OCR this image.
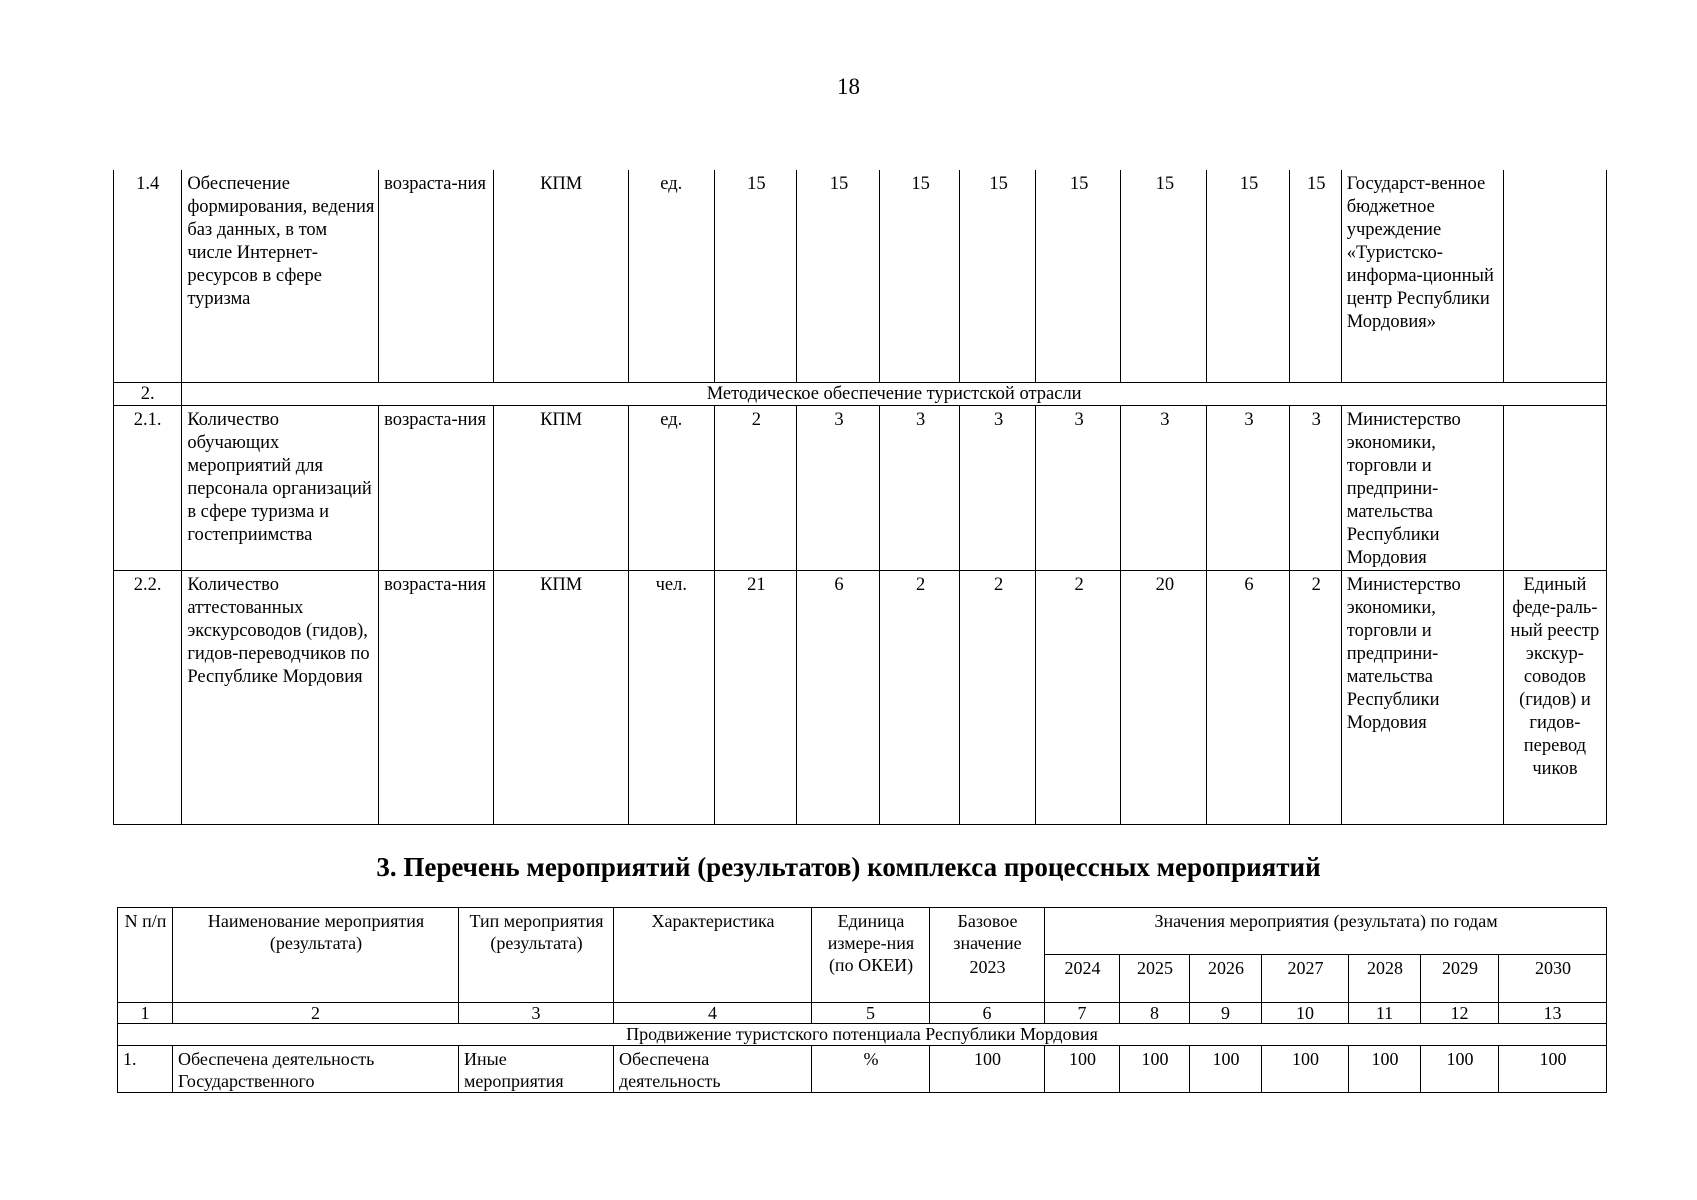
18
1.4	Обеспечение формирования, ведения баз данных, в том числе Интернет-ресурсов в сфере туризма	возраста-ния	КПМ	ед.	15	15	15	15	15	15	15	15	Государст-венное бюджетное учреждение «Туристско-информа-ционный центр Республики Мордовия»	
2.	Методическое обеспечение туристской отрасли													
2.1.	Количество обучающих мероприятий для персонала организаций в сфере туризма и гостеприимства	возраста-ния	КПМ	ед.	2	3	3	3	3	3	3	3	Министерство экономики, торговли и предприни-мательства Республики Мордовия	
2.2.	Количество аттестованных экскурсоводов (гидов), гидов-переводчиков по Республике Мордовия	возраста-ния	КПМ	чел.	21	6	2	2	2	20	6	2	Министерство экономики, торговли и предприни-мательства Республики Мордовия	Единый феде-раль-ный реестр экскур-соводов (гидов) и гидов-перевод чиков
3. Перечень мероприятий (результатов) комплекса процессных мероприятий
N п/п	Наименование мероприятия (результата)	Тип мероприятия (результата)	Характеристика	Единица измере-ния (по ОКЕИ)	Базовое значение	Значения мероприятия (результата) по годам						
					2023	2024	2025	2026	2027	2028	2029	2030
1	2	3	4	5	6	7	8	9	10	11	12	13
Продвижение туристского потенциала Республики Мордовия												
1.	Обеспечена деятельность Государственного	Иные мероприятия	Обеспечена деятельность	%	100	100	100	100	100	100	100	100
